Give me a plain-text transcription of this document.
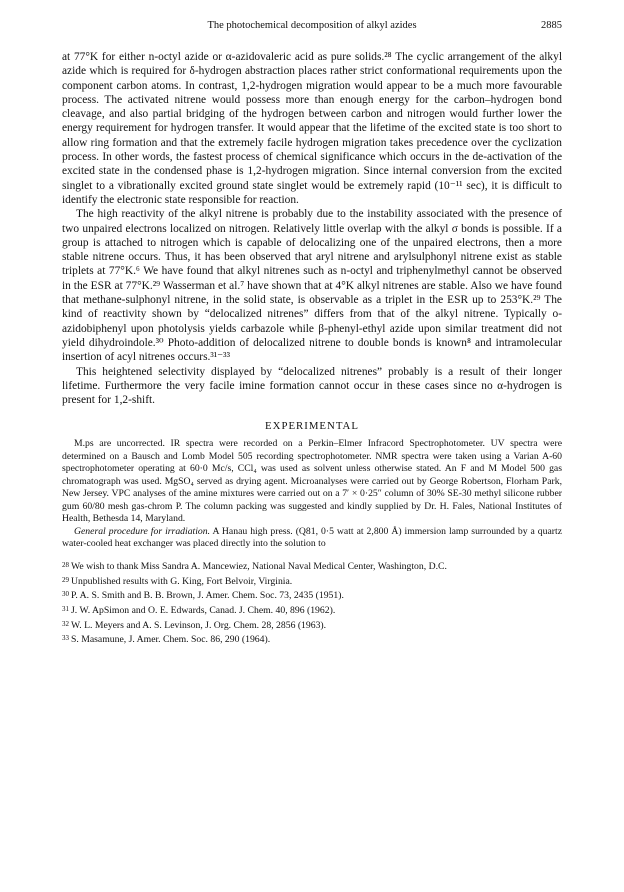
The photochemical decomposition of alkyl azides	2885

at 77°K for either n-octyl azide or α-azidovaleric acid as pure solids.²⁸ The cyclic arrangement of the alkyl azide which is required for δ-hydrogen abstraction places rather strict conformational requirements upon the component carbon atoms. In contrast, 1,2-hydrogen migration would appear to be a much more favourable process. The activated nitrene would possess more than enough energy for the carbon–hydrogen bond cleavage, and also partial bridging of the hydrogen between carbon and nitrogen would further lower the energy requirement for hydrogen transfer. It would appear that the lifetime of the excited state is too short to allow ring formation and that the extremely facile hydrogen migration takes precedence over the cyclization process. In other words, the fastest process of chemical significance which occurs in the de-activation of the excited state in the condensed phase is 1,2-hydrogen migration. Since internal conversion from the excited singlet to a vibrationally excited ground state singlet would be extremely rapid (10⁻¹¹ sec), it is difficult to identify the electronic state responsible for reaction.

The high reactivity of the alkyl nitrene is probably due to the instability associated with the presence of two unpaired electrons localized on nitrogen. Relatively little overlap with the alkyl σ bonds is possible. If a group is attached to nitrogen which is capable of delocalizing one of the unpaired electrons, then a more stable nitrene occurs. Thus, it has been observed that aryl nitrene and arylsulphonyl nitrene exist as stable triplets at 77°K.⁶ We have found that alkyl nitrenes such as n-octyl and triphenylmethyl cannot be observed in the ESR at 77°K.²⁹ Wasserman et al.⁷ have shown that at 4°K alkyl nitrenes are stable. Also we have found that methane-sulphonyl nitrene, in the solid state, is observable as a triplet in the ESR up to 253°K.²⁹ The kind of reactivity shown by “delocalized nitrenes” differs from that of the alkyl nitrene. Typically o-azidobiphenyl upon photolysis yields carbazole while β-phenyl-ethyl azide upon similar treatment did not yield dihydroindole.³⁰ Photo-addition of delocalized nitrene to double bonds is known⁸ and intramolecular insertion of acyl nitrenes occurs.³¹⁻³³

This heightened selectivity displayed by “delocalized nitrenes” probably is a result of their longer lifetime. Furthermore the very facile imine formation cannot occur in these cases since no α-hydrogen is present for 1,2-shift.

EXPERIMENTAL

M.ps are uncorrected. IR spectra were recorded on a Perkin–Elmer Infracord Spectrophotometer. UV spectra were determined on a Bausch and Lomb Model 505 recording spectrophotometer. NMR spectra were taken using a Varian A-60 spectrophotometer operating at 60·0 Mc/s, CCl₄ was used as solvent unless otherwise stated. An F and M Model 500 gas chromatograph was used. MgSO₄ served as drying agent. Microanalyses were carried out by George Robertson, Florham Park, New Jersey. VPC analyses of the amine mixtures were carried out on a 7′ × 0·25″ column of 30% SE-30 methyl silicone rubber gum 60/80 mesh gas-chrom P. The column packing was suggested and kindly supplied by Dr. H. Fales, National Institutes of Health, Bethesda 14, Maryland.

General procedure for irradiation. A Hanau high press. (Q81, 0·5 watt at 2,800 Å) immersion lamp surrounded by a quartz water-cooled heat exchanger was placed directly into the solution to

$^{28}$ We wish to thank Miss Sandra A. Mancewiez, National Naval Medical Center, Washington, D.C.
$^{29}$ Unpublished results with G. King, Fort Belvoir, Virginia.
$^{30}$ P. A. S. Smith and B. B. Brown, J. Amer. Chem. Soc. 73, 2435 (1951).
$^{31}$ J. W. ApSimon and O. E. Edwards, Canad. J. Chem. 40, 896 (1962).
$^{32}$ W. L. Meyers and A. S. Levinson, J. Org. Chem. 28, 2856 (1963).
$^{33}$ S. Masamune, J. Amer. Chem. Soc. 86, 290 (1964).
